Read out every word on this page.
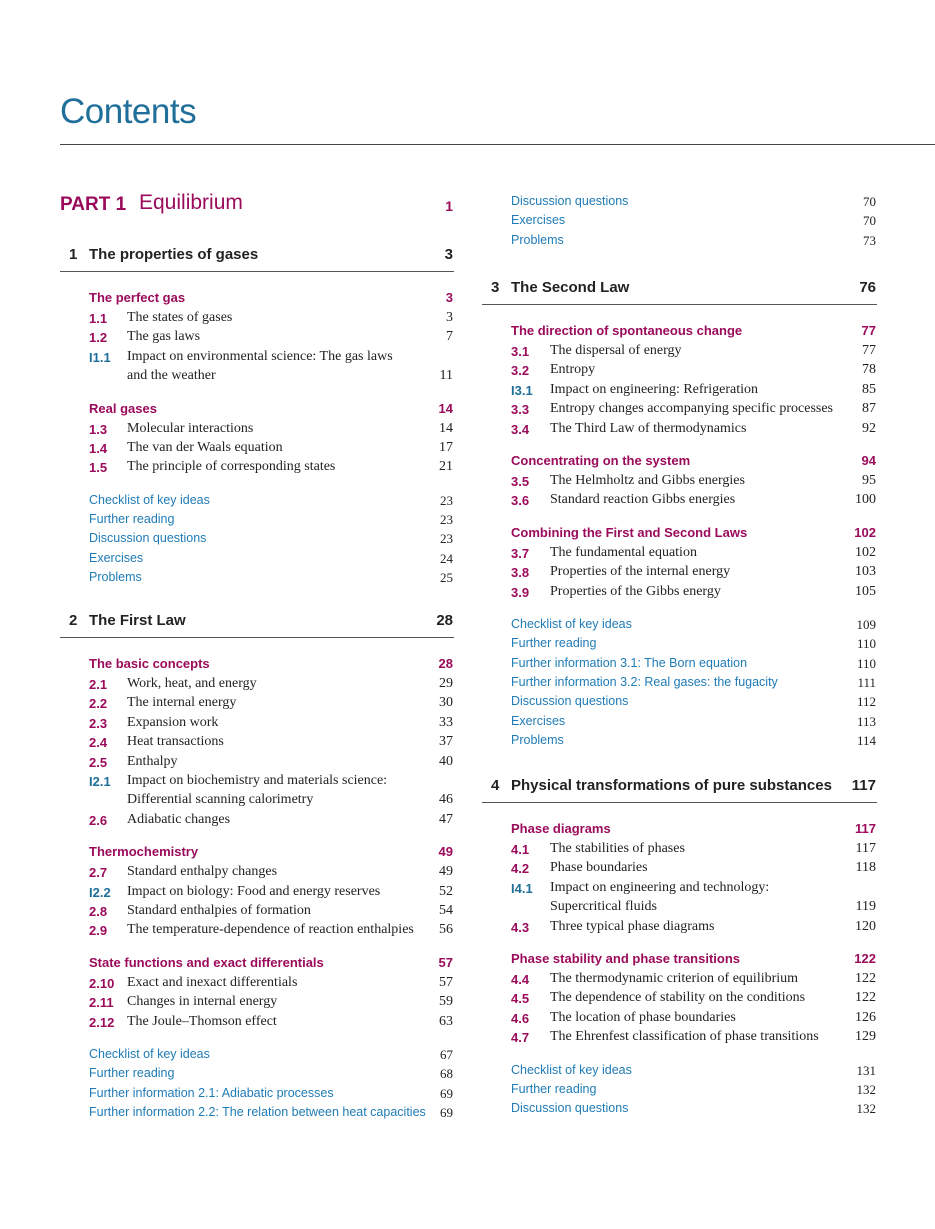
Contents
PART 1 Equilibrium	1
1 The properties of gases	3
The perfect gas	3
1.1 The states of gases	3
1.2 The gas laws	7
I1.1 Impact on environmental science: The gas laws
and the weather	11
Real gases	14
1.3 Molecular interactions	14
1.4 The van der Waals equation	17
1.5 The principle of corresponding states	21
Checklist of key ideas	23
Further reading	23
Discussion questions	23
Exercises	24
Problems	25
2 The First Law	28
The basic concepts	28
2.1 Work, heat, and energy	29
2.2 The internal energy	30
2.3 Expansion work	33
2.4 Heat transactions	37
2.5 Enthalpy	40
I2.1 Impact on biochemistry and materials science:
Differential scanning calorimetry	46
2.6 Adiabatic changes	47
Thermochemistry	49
2.7 Standard enthalpy changes	49
I2.2 Impact on biology: Food and energy reserves	52
2.8 Standard enthalpies of formation	54
2.9 The temperature-dependence of reaction enthalpies 56
State functions and exact differentials	57
2.10 Exact and inexact differentials	57
2.11 Changes in internal energy	59
2.12 The Joule–Thomson effect	63
Checklist of key ideas	67
Further reading	68
Further information 2.1: Adiabatic processes	69
Further information 2.2: The relation between heat capacities 69
Discussion questions	70
Exercises	70
Problems	73
3 The Second Law	76
The direction of spontaneous change	77
3.1 The dispersal of energy	77
3.2 Entropy	78
I3.1 Impact on engineering: Refrigeration	85
3.3 Entropy changes accompanying specific processes 87
3.4 The Third Law of thermodynamics	92
Concentrating on the system	94
3.5 The Helmholtz and Gibbs energies	95
3.6 Standard reaction Gibbs energies	100
Combining the First and Second Laws	102
3.7 The fundamental equation	102
3.8 Properties of the internal energy	103
3.9 Properties of the Gibbs energy	105
Checklist of key ideas	109
Further reading	110
Further information 3.1: The Born equation	110
Further information 3.2: Real gases: the fugacity	111
Discussion questions	112
Exercises	113
Problems	114
4 Physical transformations of pure substances 117
Phase diagrams	117
4.1 The stabilities of phases	117
4.2 Phase boundaries	118
I4.1 Impact on engineering and technology:
Supercritical fluids	119
4.3 Three typical phase diagrams	120
Phase stability and phase transitions	122
4.4 The thermodynamic criterion of equilibrium	122
4.5 The dependence of stability on the conditions	122
4.6 The location of phase boundaries	126
4.7 The Ehrenfest classification of phase transitions	129
Checklist of key ideas	131
Further reading	132
Discussion questions	132
